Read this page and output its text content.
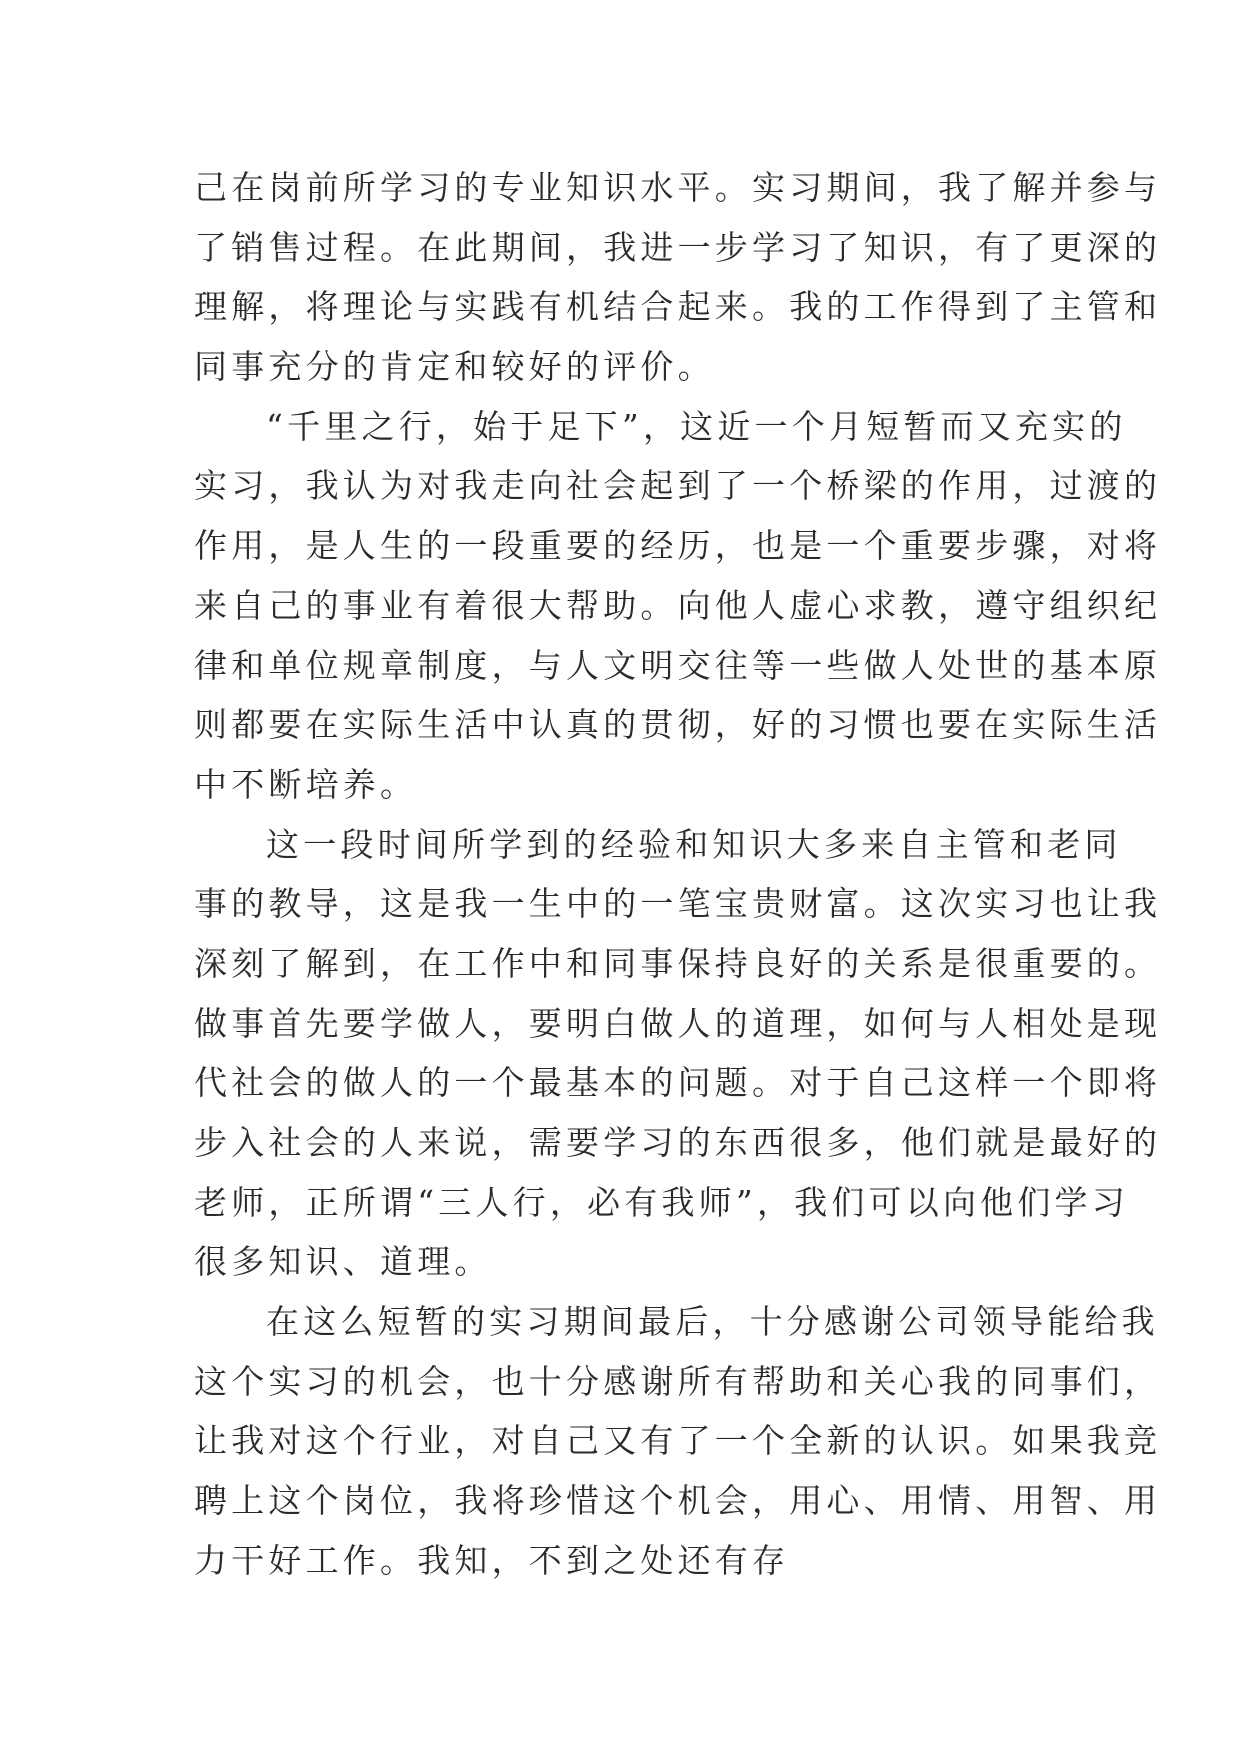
己在岗前所学习的专业知识水平。实习期间，我了解并参与
了销售过程。在此期间，我进一步学习了知识，有了更深的
理解，将理论与实践有机结合起来。我的工作得到了主管和
同事充分的肯定和较好的评价。
“千里之行，始于足下”，这近一个月短暂而又充实的
实习，我认为对我走向社会起到了一个桥梁的作用，过渡的
作用，是人生的一段重要的经历，也是一个重要步骤，对将
来自己的事业有着很大帮助。向他人虚心求教，遵守组织纪
律和单位规章制度，与人文明交往等一些做人处世的基本原
则都要在实际生活中认真的贯彻，好的习惯也要在实际生活
中不断培养。
这一段时间所学到的经验和知识大多来自主管和老同
事的教导，这是我一生中的一笔宝贵财富。这次实习也让我
深刻了解到，在工作中和同事保持良好的关系是很重要的。
做事首先要学做人，要明白做人的道理，如何与人相处是现
代社会的做人的一个最基本的问题。对于自己这样一个即将
步入社会的人来说，需要学习的东西很多，他们就是最好的
老师，正所谓“三人行，必有我师”，我们可以向他们学习
很多知识、道理。
在这么短暂的实习期间最后，十分感谢公司领导能给我
这个实习的机会，也十分感谢所有帮助和关心我的同事们，
让我对这个行业，对自己又有了一个全新的认识。如果我竞
聘上这个岗位，我将珍惜这个机会，用心、用情、用智、用
力干好工作。我知，不到之处还有存
